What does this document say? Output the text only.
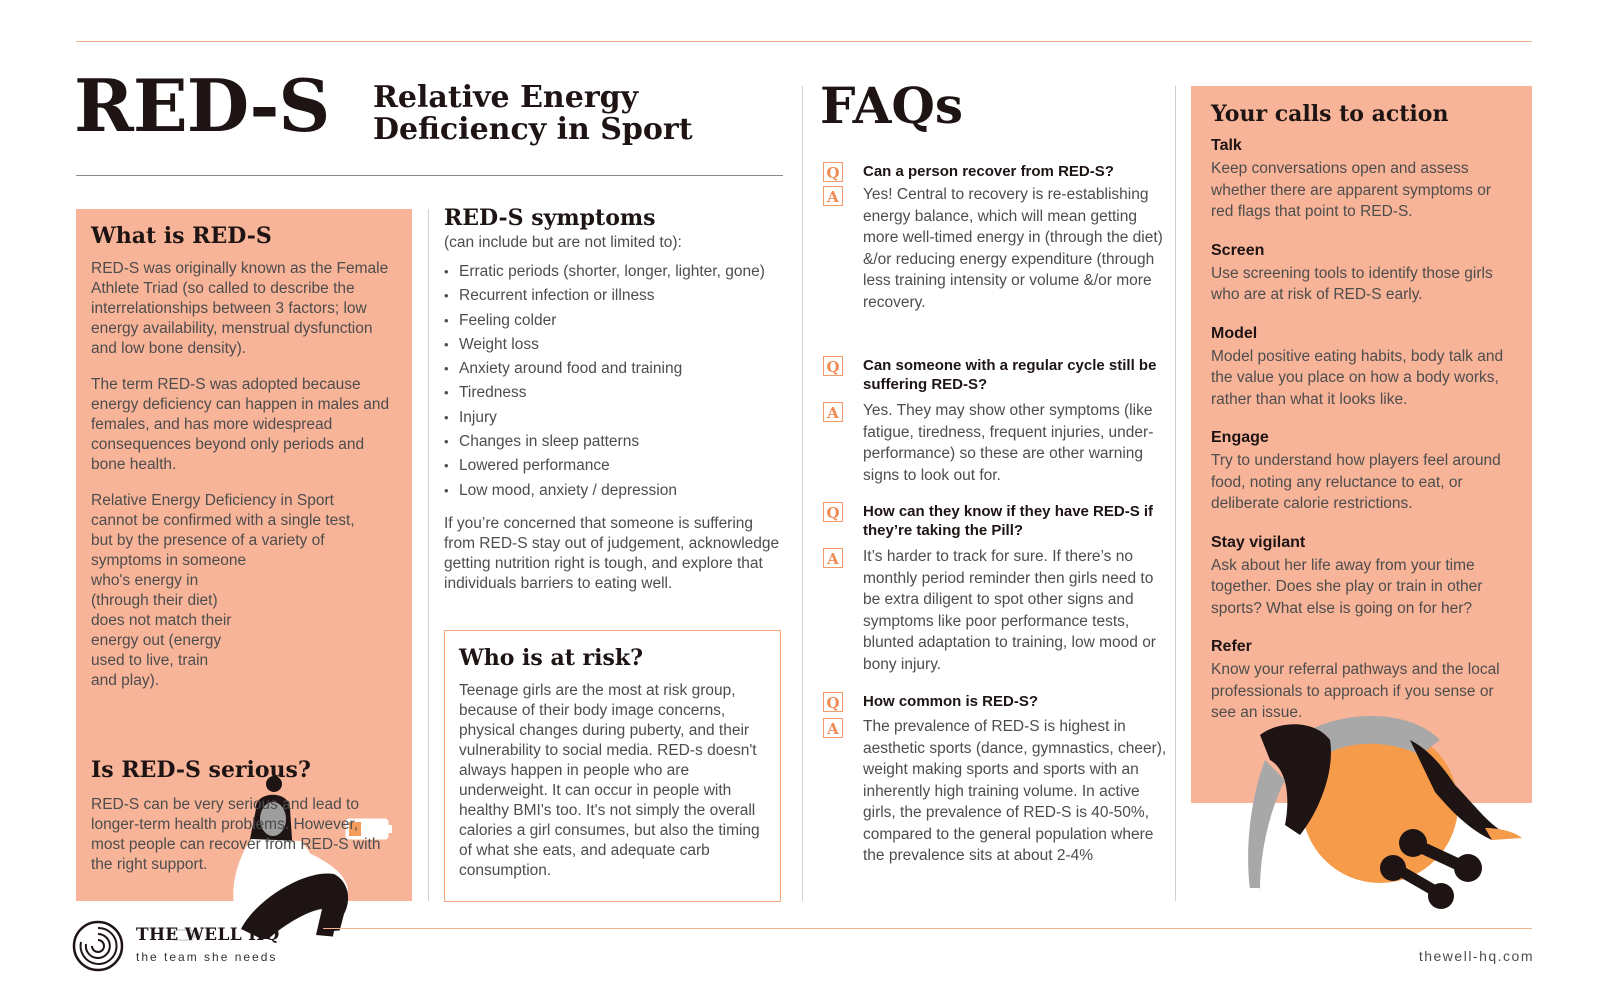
RED-S Relative Energy
Deficiency in Sport
What is RED-S

RED-S was originally known as the Female Athlete Triad (so called to describe the interrelationships between 3 factors; low energy availability, menstrual dysfunction and low bone density).

The term RED-S was adopted because energy deficiency can happen in males and females, and has more widespread consequences beyond only periods and bone health.

Relative Energy Deficiency in Sport
cannot be confirmed with a single test,
but by the presence of a variety of
symptoms in someone
who's energy in
(through their diet)
does not match their
energy out (energy
used to live, train
and play).
Is RED-S serious?
RED-S can be very serious and lead to longer-term health problems. However, most people can recover from RED-S with the right support.
RED-S symptoms
(can include but are not limited to):
• Erratic periods (shorter, longer, lighter, gone)
• Recurrent infection or illness
• Feeling colder
• Weight loss
• Anxiety around food and training
• Tiredness
• Injury
• Changes in sleep patterns
• Lowered performance
• Low mood, anxiety / depression
If you’re concerned that someone is suffering from RED-S stay out of judgement, acknowledge getting nutrition right is tough, and explore that individuals barriers to eating well.
Who is at risk?
Teenage girls are the most at risk group, because of their body image concerns, physical changes during puberty, and their vulnerability to social media. RED-s doesn't always happen in people who are underweight. It can occur in people with healthy BMI's too. It's not simply the overall calories a girl consumes, but also the timing of what she eats, and adequate carb consumption.
FAQs
Q Can a person recover from RED-S?
A Yes! Central to recovery is re-establishing energy balance, which will mean getting more well-timed energy in (through the diet) &/or reducing energy expenditure (through less training intensity or volume &/or more recovery.
Q Can someone with a regular cycle still be suffering RED-S?
A Yes. They may show other symptoms (like fatigue, tiredness, frequent injuries, under-performance) so these are other warning signs to look out for.
Q How can they know if they have RED-S if they’re taking the Pill?
A It’s harder to track for sure. If there’s no monthly period reminder then girls need to be extra diligent to spot other signs and symptoms like poor performance tests, blunted adaptation to training, low mood or bony injury.
Q How common is RED-S?
A The prevalence of RED-S is highest in aesthetic sports (dance, gymnastics, cheer), weight making sports and sports with an inherently high training volume. In active girls, the prevalence of RED-S is 40-50%, compared to the general population where the prevalence sits at about 2-4%
Your calls to action
Talk
Keep conversations open and assess whether there are apparent symptoms or red flags that point to RED-S.
Screen
Use screening tools to identify those girls who are at risk of RED-S early.
Model
Model positive eating habits, body talk and the value you place on how a body works, rather than what it looks like.
Engage
Try to understand how players feel around food, noting any reluctance to eat, or deliberate calorie restrictions.
Stay vigilant
Ask about her life away from your time together. Does she play or train in other sports? What else is going on for her?
Refer
Know your referral pathways and the local professionals to approach if you sense or see an issue.
THE WELL HQ
the team she needs	thewell-hq.com
